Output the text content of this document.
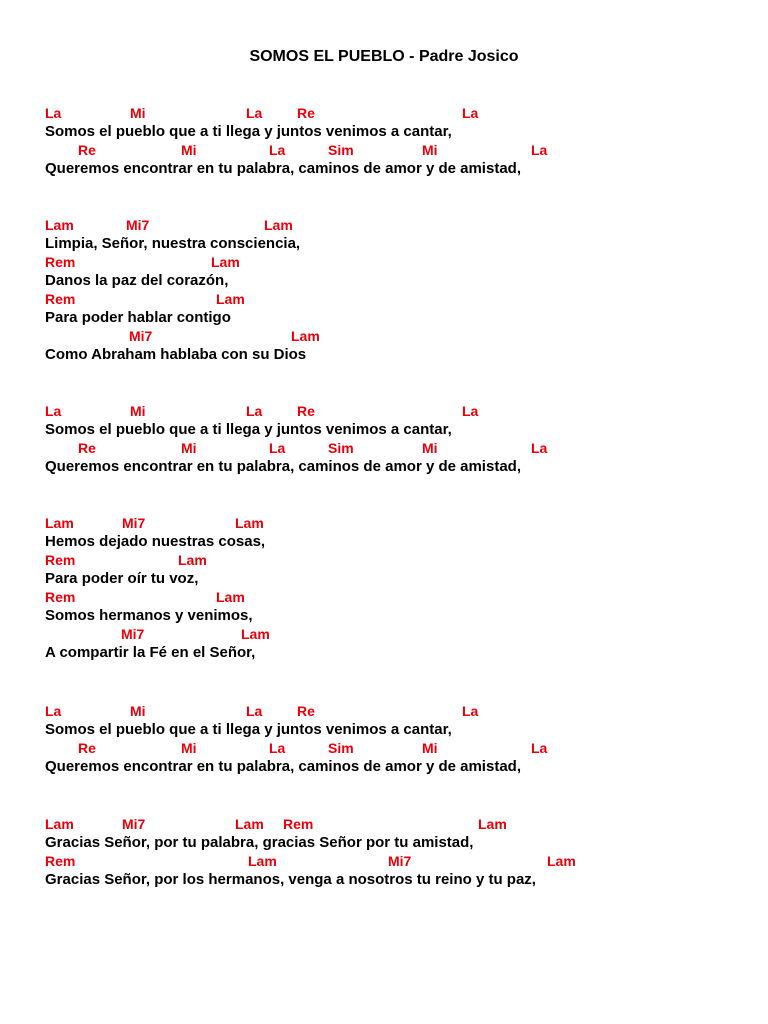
SOMOS EL PUEBLO - Padre Josico
La	Mi	La Re	La
Somos el pueblo que a ti llega y juntos venimos a cantar,
Re	Mi	La	Sim	Mi	La
Queremos encontrar en tu palabra, caminos de amor y de amistad,
Lam	Mi7	Lam
Limpia, Señor, nuestra consciencia,
Rem	Lam
Danos la paz del corazón,
Rem	Lam
Para poder hablar contigo
Mi7	Lam
Como Abraham hablaba con su Dios
La	Mi	La Re	La
Somos el pueblo que a ti llega y juntos venimos a cantar,
Re	Mi	La	Sim	Mi	La
Queremos encontrar en tu palabra, caminos de amor y de amistad,
Lam	Mi7	Lam
Hemos dejado nuestras cosas,
Rem	Lam
Para poder oír tu voz,
Rem	Lam
Somos hermanos y venimos,
Mi7	Lam
A compartir la Fé en el Señor,
La	Mi	La Re	La
Somos el pueblo que a ti llega y juntos venimos a cantar,
Re	Mi	La	Sim	Mi	La
Queremos encontrar en tu palabra, caminos de amor y de amistad,
Lam	Mi7	Lam Rem	Lam
Gracias Señor, por tu palabra, gracias Señor por tu amistad,
Rem	Lam	Mi7	Lam
Gracias Señor, por los hermanos, venga a nosotros tu reino y tu paz,
